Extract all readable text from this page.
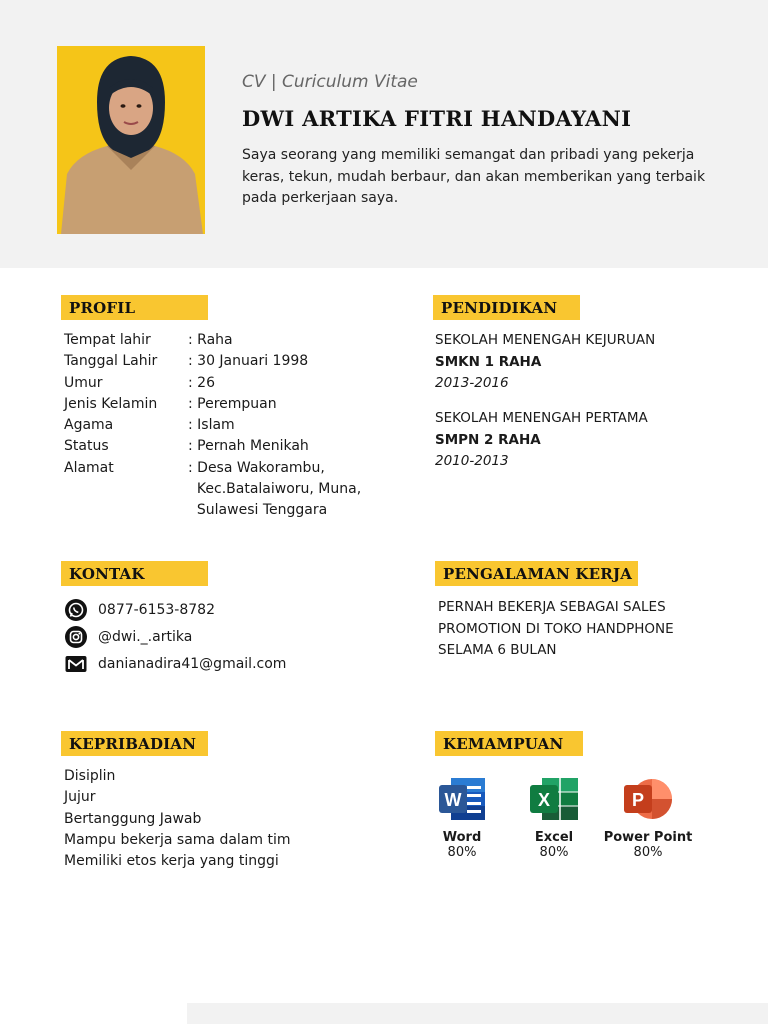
CV | Curiculum Vitae
DWI ARTIKA FITRI HANDAYANI
Saya seorang yang memiliki semangat dan pribadi yang pekerja keras, tekun, mudah berbaur, dan akan memberikan yang terbaik pada perkerjaan saya.
PROFIL
Tempat lahir	: Raha
Tanggal Lahir	: 30 Januari 1998
Umur	: 26
Jenis Kelamin	: Perempuan
Agama	: Islam
Status	: Pernah Menikah
Alamat	: Desa Wakorambu,
Kec.Batalaiworu, Muna,
Sulawesi Tenggara
PENDIDIKAN
SEKOLAH MENENGAH KEJURUAN
SMKN 1 RAHA
2013-2016
SEKOLAH MENENGAH PERTAMA
SMPN 2 RAHA
2010-2013
KONTAK
0877-6153-8782
@dwi._.artika
danianadira41@gmail.com
PENGALAMAN KERJA
PERNAH BEKERJA SEBAGAI SALES
PROMOTION DI TOKO HANDPHONE
SELAMA 6 BULAN
KEPRIBADIAN
Disiplin
Jujur
Bertanggung Jawab
Mampu bekerja sama dalam tim
Memiliki etos kerja yang tinggi
KEMAMPUAN
W
Word
80%
X
Excel
80%
P
Power Point
80%
